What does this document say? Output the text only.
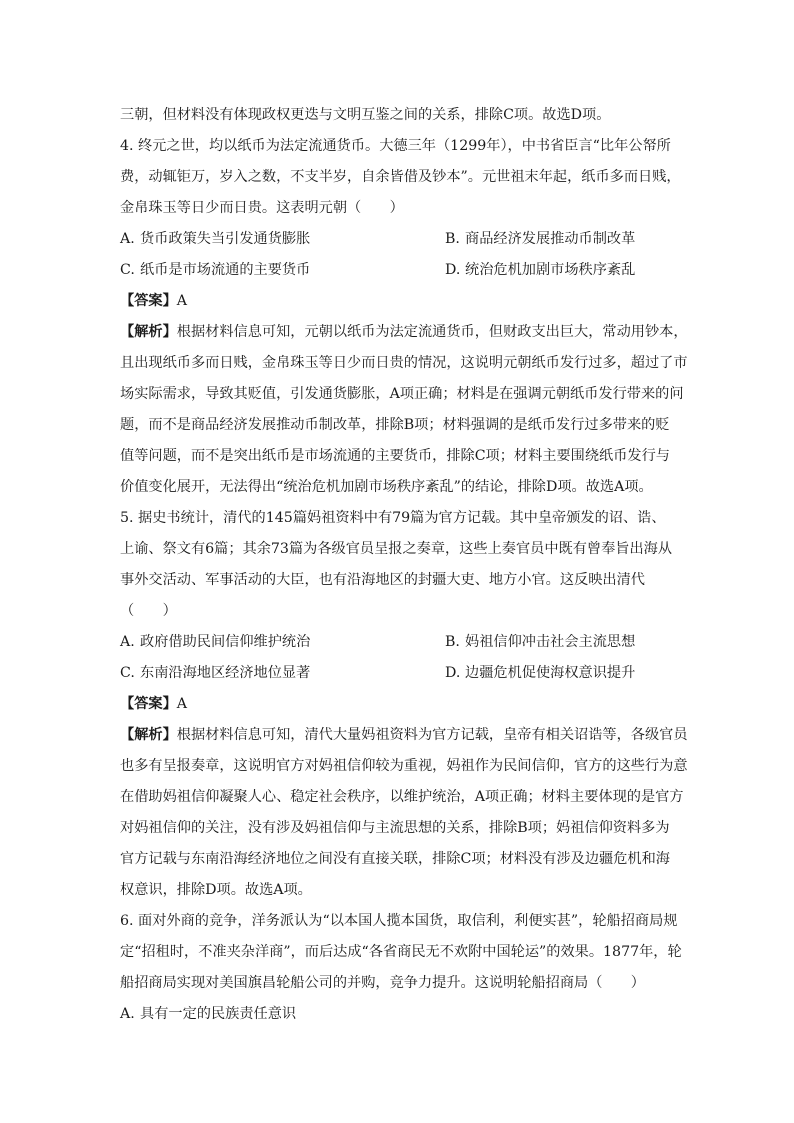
三朝，但材料没有体现政权更迭与文明互鉴之间的关系，排除C项。故选D项。
4. 终元之世，均以纸币为法定流通货币。大德三年（1299年），中书省臣言“比年公帑所
费，动辄钜万，岁入之数，不支半岁，自余皆借及钞本”。元世祖末年起，纸币多而日贱，
金帛珠玉等日少而日贵。这表明元朝（　　）
A. 货币政策失当引发通货膨胀	B. 商品经济发展推动币制改革
C. 纸币是市场流通的主要货币	D. 统治危机加剧市场秩序紊乱
【答案】A
【解析】根据材料信息可知，元朝以纸币为法定流通货币，但财政支出巨大，常动用钞本，
且出现纸币多而日贱，金帛珠玉等日少而日贵的情况，这说明元朝纸币发行过多，超过了市
场实际需求，导致其贬值，引发通货膨胀，A项正确；材料是在强调元朝纸币发行带来的问
题，而不是商品经济发展推动币制改革，排除B项；材料强调的是纸币发行过多带来的贬
值等问题，而不是突出纸币是市场流通的主要货币，排除C项；材料主要围绕纸币发行与
价值变化展开，无法得出“统治危机加剧市场秩序紊乱”的结论，排除D项。故选A项。
5. 据史书统计，清代的145篇妈祖资料中有79篇为官方记载。其中皇帝颁发的诏、诰、
上谕、祭文有6篇；其余73篇为各级官员呈报之奏章，这些上奏官员中既有曾奉旨出海从
事外交活动、军事活动的大臣，也有沿海地区的封疆大吏、地方小官。这反映出清代
（　　）
A. 政府借助民间信仰维护统治	B. 妈祖信仰冲击社会主流思想
C. 东南沿海地区经济地位显著	D. 边疆危机促使海权意识提升
【答案】A
【解析】根据材料信息可知，清代大量妈祖资料为官方记载，皇帝有相关诏诰等，各级官员
也多有呈报奏章，这说明官方对妈祖信仰较为重视，妈祖作为民间信仰，官方的这些行为意
在借助妈祖信仰凝聚人心、稳定社会秩序，以维护统治，A项正确；材料主要体现的是官方
对妈祖信仰的关注，没有涉及妈祖信仰与主流思想的关系，排除B项；妈祖信仰资料多为
官方记载与东南沿海经济地位之间没有直接关联，排除C项；材料没有涉及边疆危机和海
权意识，排除D项。故选A项。
6. 面对外商的竞争，洋务派认为“以本国人揽本国货，取信利，利便实甚”，轮船招商局规
定“招租时，不准夹杂洋商”，而后达成“各省商民无不欢附中国轮运”的效果。1877年，轮
船招商局实现对美国旗昌轮船公司的并购，竞争力提升。这说明轮船招商局（　　）
A. 具有一定的民族责任意识
